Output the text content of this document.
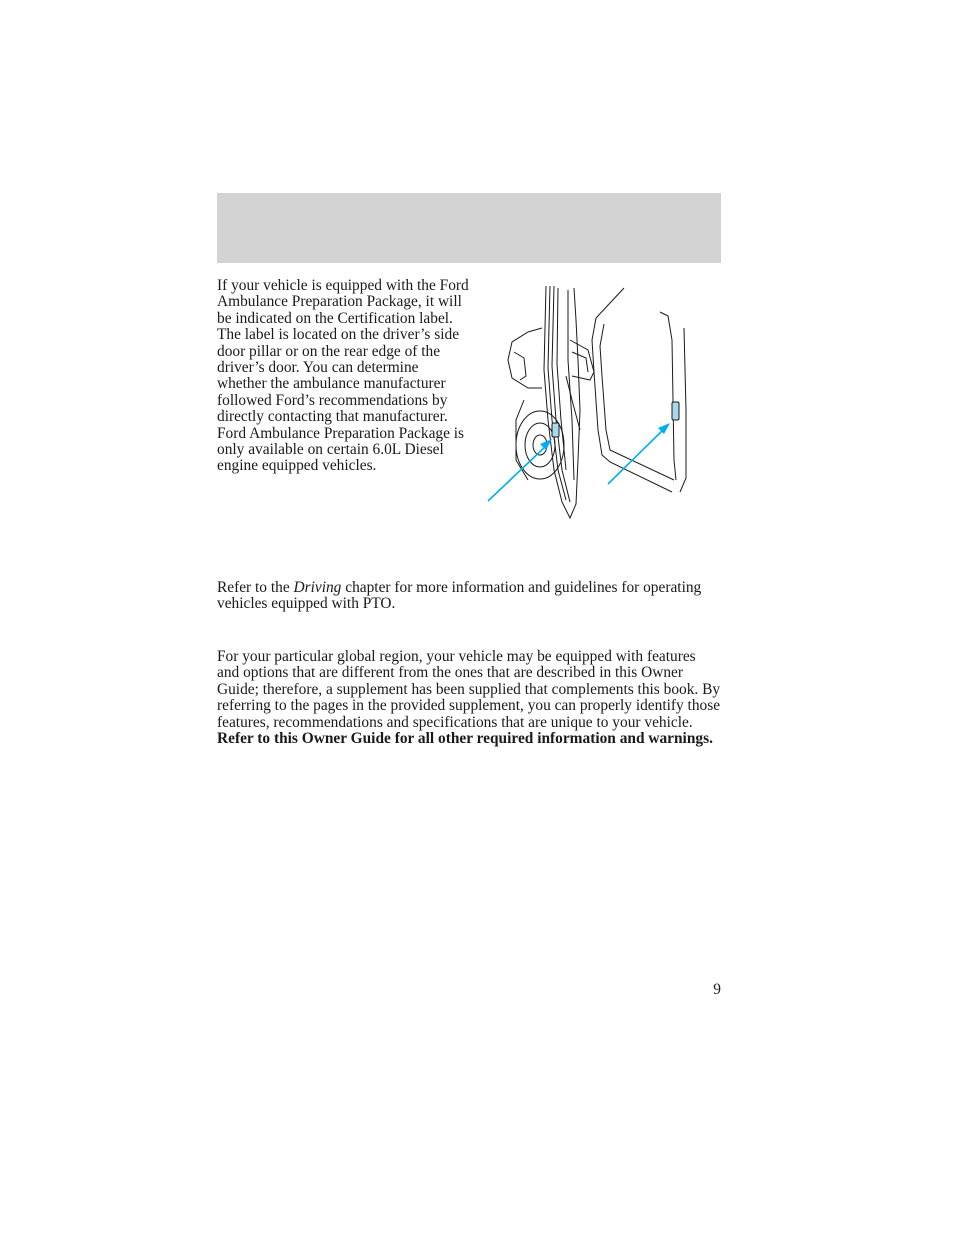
If your vehicle is equipped with the Ford Ambulance Preparation Package, it will be indicated on the Certification label. The label is located on the driver’s side door pillar or on the rear edge of the driver’s door. You can determine whether the ambulance manufacturer followed Ford’s recommendations by directly contacting that manufacturer. Ford Ambulance Preparation Package is only available on certain 6.0L Diesel engine equipped vehicles.

Refer to the Driving chapter for more information and guidelines for operating vehicles equipped with PTO.

For your particular global region, your vehicle may be equipped with features and options that are different from the ones that are described in this Owner Guide; therefore, a supplement has been supplied that complements this book. By referring to the pages in the provided supplement, you can properly identify those features, recommendations and specifications that are unique to your vehicle. Refer to this Owner Guide for all other required information and warnings.

9
